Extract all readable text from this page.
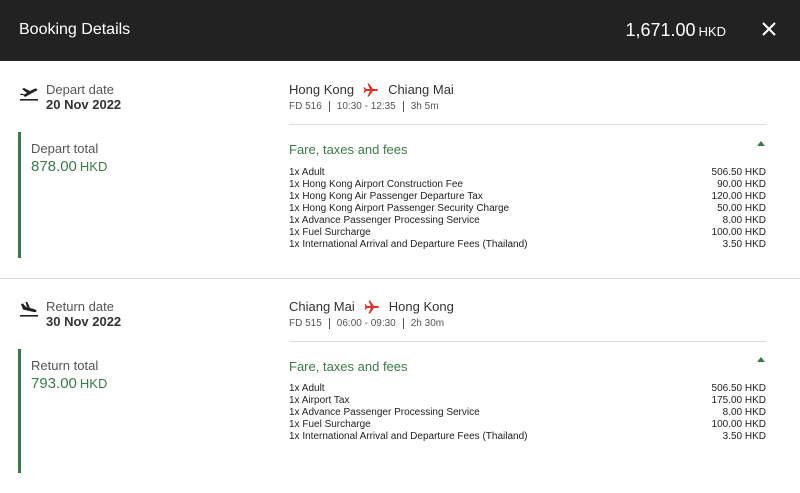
Booking Details	1,671.00 HKD
Depart date
20 Nov 2022
Depart total
878.00 HKD
Hong Kong	Chiang Mai
FD 516 10:30 - 12:35 3h 5m
Fare, taxes and fees
1x Adult	506.50 HKD
1x Hong Kong Airport Construction Fee	90.00 HKD
1x Hong Kong Air Passenger Departure Tax	120.00 HKD
1x Hong Kong Airport Passenger Security Charge	50.00 HKD
1x Advance Passenger Processing Service	8.00 HKD
1x Fuel Surcharge	100.00 HKD
1x International Arrival and Departure Fees (Thailand)	3.50 HKD
Return date
30 Nov 2022
Return total
793.00 HKD
Chiang Mai	Hong Kong
FD 515 06:00 - 09:30 2h 30m
Fare, taxes and fees
1x Adult	506.50 HKD
1x Airport Tax	175.00 HKD
1x Advance Passenger Processing Service	8.00 HKD
1x Fuel Surcharge	100.00 HKD
1x International Arrival and Departure Fees (Thailand)	3.50 HKD
